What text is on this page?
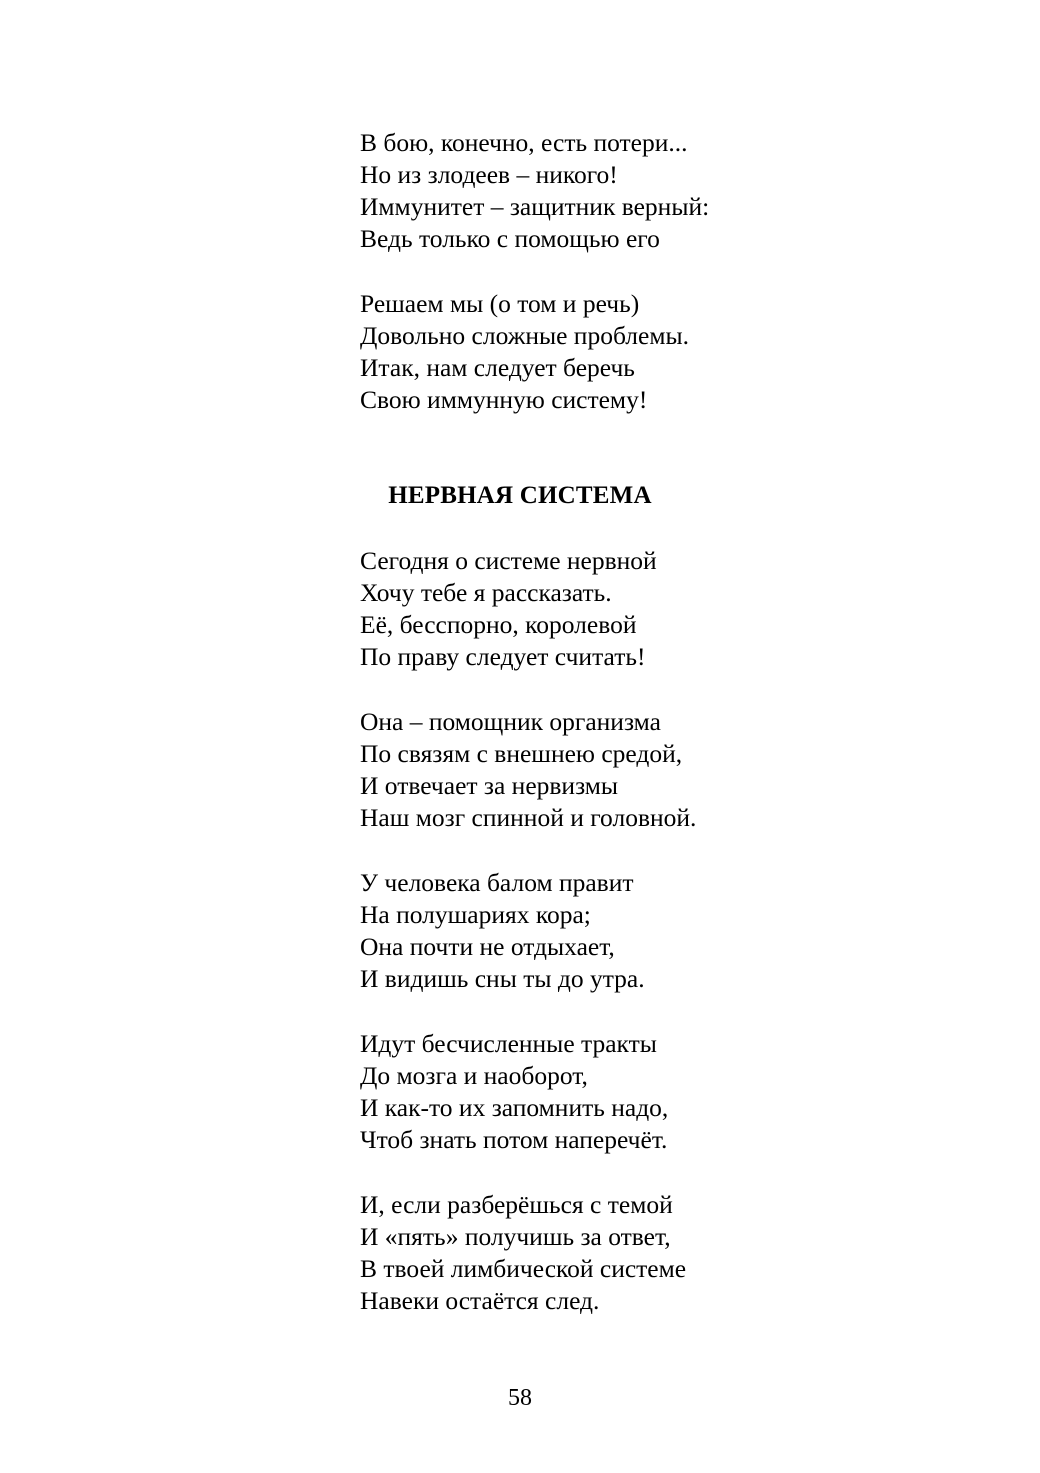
В бою, конечно, есть потери...
Но из злодеев – никого!
Иммунитет – защитник верный:
Ведь только с помощью его
Решаем мы (о том и речь)
Довольно сложные проблемы.
Итак, нам следует беречь
Свою иммунную систему!
НЕРВНАЯ СИСТЕМА
Сегодня о системе нервной
Хочу тебе я рассказать.
Её, бесспорно, королевой
По праву следует считать!
Она – помощник организма
По связям с внешнею средой,
И отвечает за нервизмы
Наш мозг спинной и головной.
У человека балом правит
На полушариях кора;
Она почти не отдыхает,
И видишь сны ты до утра.
Идут бесчисленные тракты
До мозга и наоборот,
И как-то их запомнить надо,
Чтоб знать потом наперечёт.
И, если разберёшься с темой
И «пять» получишь за ответ,
В твоей лимбической системе
Навеки остаётся след.
58
